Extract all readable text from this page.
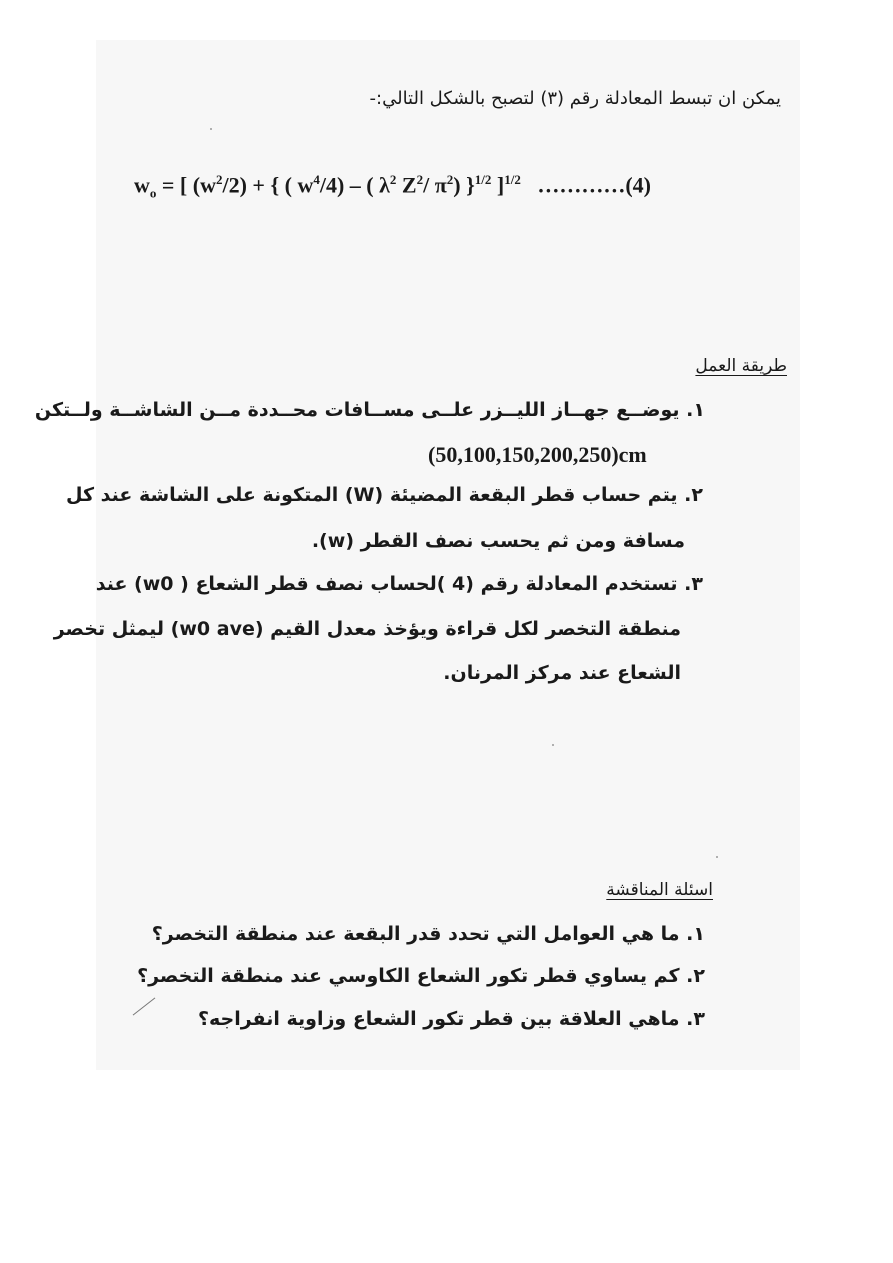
يمكن ان تبسط المعادلة رقم (٣) لتصبح بالشكل التالي:-
$w_o$ = [ $(w^2/2)$ + { ( $w^4/4$) – ( $\lambda^2$ $Z^2/$ $\pi^2$) }$^{1/2}$ ]$^{1/2}$   …………(4)
طريقة العمل
١. يوضــع جهــاز الليــزر علــى مســافات محــددة مــن الشاشــة ولــتكن
(50,100,150,200,250)cm
٢. يتم حساب قطر البقعة المضيئة (W) المتكونة على الشاشة عند كل
مسافة ومن ثم يحسب نصف القطر (w).
٣. تستخدم المعادلة رقم (4 )لحساب نصف قطر الشعاع ( w0) عند
منطقة التخصر لكل قراءة ويؤخذ معدل القيم (w0 ave) ليمثل تخصر
الشعاع عند مركز المرنان.
اسئلة المناقشة
١. ما هي العوامل التي تحدد قدر البقعة عند منطقة التخصر؟
٢. كم يساوي قطر تكور الشعاع الكاوسي عند منطقة التخصر؟
٣. ماهي العلاقة بين قطر تكور الشعاع وزاوية انفراجه؟
